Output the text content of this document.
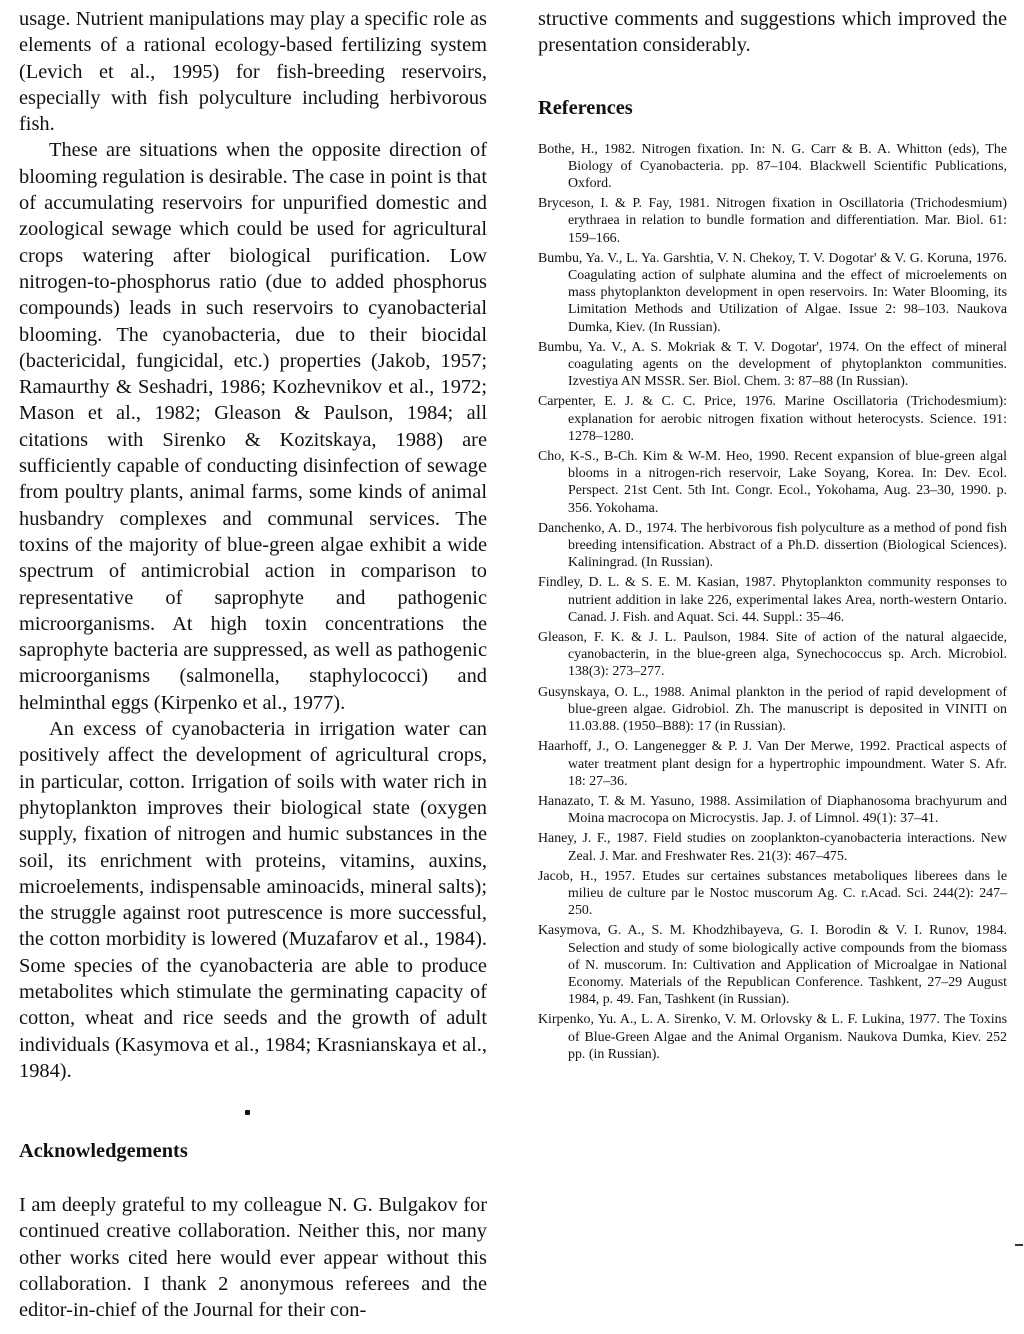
usage. Nutrient manipulations may play a specific role as elements of a rational ecology-based fertilizing system (Levich et al., 1995) for fish-breeding reservoirs, especially with fish polyculture including herbivorous fish.

These are situations when the opposite direction of blooming regulation is desirable. The case in point is that of accumulating reservoirs for unpurified domestic and zoological sewage which could be used for agricultural crops watering after biological purification. Low nitrogen-to-phosphorus ratio (due to added phosphorus compounds) leads in such reservoirs to cyanobacterial blooming. The cyanobacteria, due to their biocidal (bactericidal, fungicidal, etc.) properties (Jakob, 1957; Ramaurthy & Seshadri, 1986; Kozhevnikov et al., 1972; Mason et al., 1982; Gleason & Paulson, 1984; all citations with Sirenko & Kozitskaya, 1988) are sufficiently capable of conducting disinfection of sewage from poultry plants, animal farms, some kinds of animal husbandry complexes and communal services. The toxins of the majority of blue-green algae exhibit a wide spectrum of antimicrobial action in comparison to representative of saprophyte and pathogenic microorganisms. At high toxin concentrations the saprophyte bacteria are suppressed, as well as pathogenic microorganisms (salmonella, staphylococci) and helminthal eggs (Kirpenko et al., 1977).

An excess of cyanobacteria in irrigation water can positively affect the development of agricultural crops, in particular, cotton. Irrigation of soils with water rich in phytoplankton improves their biological state (oxygen supply, fixation of nitrogen and humic substances in the soil, its enrichment with proteins, vitamins, auxins, microelements, indispensable aminoacids, mineral salts); the struggle against root putrescence is more successful, the cotton morbidity is lowered (Muzafarov et al., 1984). Some species of the cyanobacteria are able to produce metabolites which stimulate the germinating capacity of cotton, wheat and rice seeds and the growth of adult individuals (Kasymova et al., 1984; Krasnianskaya et al., 1984).

Acknowledgements

I am deeply grateful to my colleague N. G. Bulgakov for continued creative collaboration. Neither this, nor many other works cited here would ever appear without this collaboration. I thank 2 anonymous referees and the editor-in-chief of the Journal for their con-

structive comments and suggestions which improved the presentation considerably.

References
Bothe, H., 1982. Nitrogen fixation. In: N. G. Carr & B. A. Whitton (eds), The Biology of Cyanobacteria. pp. 87–104. Blackwell Scientific Publications, Oxford.
Bryceson, I. & P. Fay, 1981. Nitrogen fixation in Oscillatoria (Trichodesmium) erythraea in relation to bundle formation and differentiation. Mar. Biol. 61: 159–166.
Bumbu, Ya. V., L. Ya. Garshtia, V. N. Chekoy, T. V. Dogotar' & V. G. Koruna, 1976. Coagulating action of sulphate alumina and the effect of microelements on mass phytoplankton development in open reservoirs. In: Water Blooming, its Limitation Methods and Utilization of Algae. Issue 2: 98–103. Naukova Dumka, Kiev. (In Russian).
Bumbu, Ya. V., A. S. Mokriak & T. V. Dogotar', 1974. On the effect of mineral coagulating agents on the development of phytoplankton communities. Izvestiya AN MSSR. Ser. Biol. Chem. 3: 87–88 (In Russian).
Carpenter, E. J. & C. C. Price, 1976. Marine Oscillatoria (Trichodesmium): explanation for aerobic nitrogen fixation without heterocysts. Science. 191: 1278–1280.
Cho, K-S., B-Ch. Kim & W-M. Heo, 1990. Recent expansion of blue-green algal blooms in a nitrogen-rich reservoir, Lake Soyang, Korea. In: Dev. Ecol. Perspect. 21st Cent. 5th Int. Congr. Ecol., Yokohama, Aug. 23–30, 1990. p. 356. Yokohama.
Danchenko, A. D., 1974. The herbivorous fish polyculture as a method of pond fish breeding intensification. Abstract of a Ph.D. dissertion (Biological Sciences). Kaliningrad. (In Russian).
Findley, D. L. & S. E. M. Kasian, 1987. Phytoplankton community responses to nutrient addition in lake 226, experimental lakes Area, north-western Ontario. Canad. J. Fish. and Aquat. Sci. 44. Suppl.: 35–46.
Gleason, F. K. & J. L. Paulson, 1984. Site of action of the natural algaecide, cyanobacterin, in the blue-green alga, Synechococcus sp. Arch. Microbiol. 138(3): 273–277.
Gusynskaya, O. L., 1988. Animal plankton in the period of rapid development of blue-green algae. Gidrobiol. Zh. The manuscript is deposited in VINITI on 11.03.88. (1950–B88): 17 (in Russian).
Haarhoff, J., O. Langenegger & P. J. Van Der Merwe, 1992. Practical aspects of water treatment plant design for a hypertrophic impoundment. Water S. Afr. 18: 27–36.
Hanazato, T. & M. Yasuno, 1988. Assimilation of Diaphanosoma brachyurum and Moina macrocopa on Microcystis. Jap. J. of Limnol. 49(1): 37–41.
Haney, J. F., 1987. Field studies on zooplankton-cyanobacteria interactions. New Zeal. J. Mar. and Freshwater Res. 21(3): 467–475.
Jacob, H., 1957. Etudes sur certaines substances metaboliques liberees dans le milieu de culture par le Nostoc muscorum Ag. C. r.Acad. Sci. 244(2): 247–250.
Kasymova, G. A., S. M. Khodzhibayeva, G. I. Borodin & V. I. Runov, 1984. Selection and study of some biologically active compounds from the biomass of N. muscorum. In: Cultivation and Application of Microalgae in National Economy. Materials of the Republican Conference. Tashkent, 27–29 August 1984, p. 49. Fan, Tashkent (in Russian).
Kirpenko, Yu. A., L. A. Sirenko, V. M. Orlovsky & L. F. Lukina, 1977. The Toxins of Blue-Green Algae and the Animal Organism. Naukova Dumka, Kiev. 252 pp. (in Russian).
